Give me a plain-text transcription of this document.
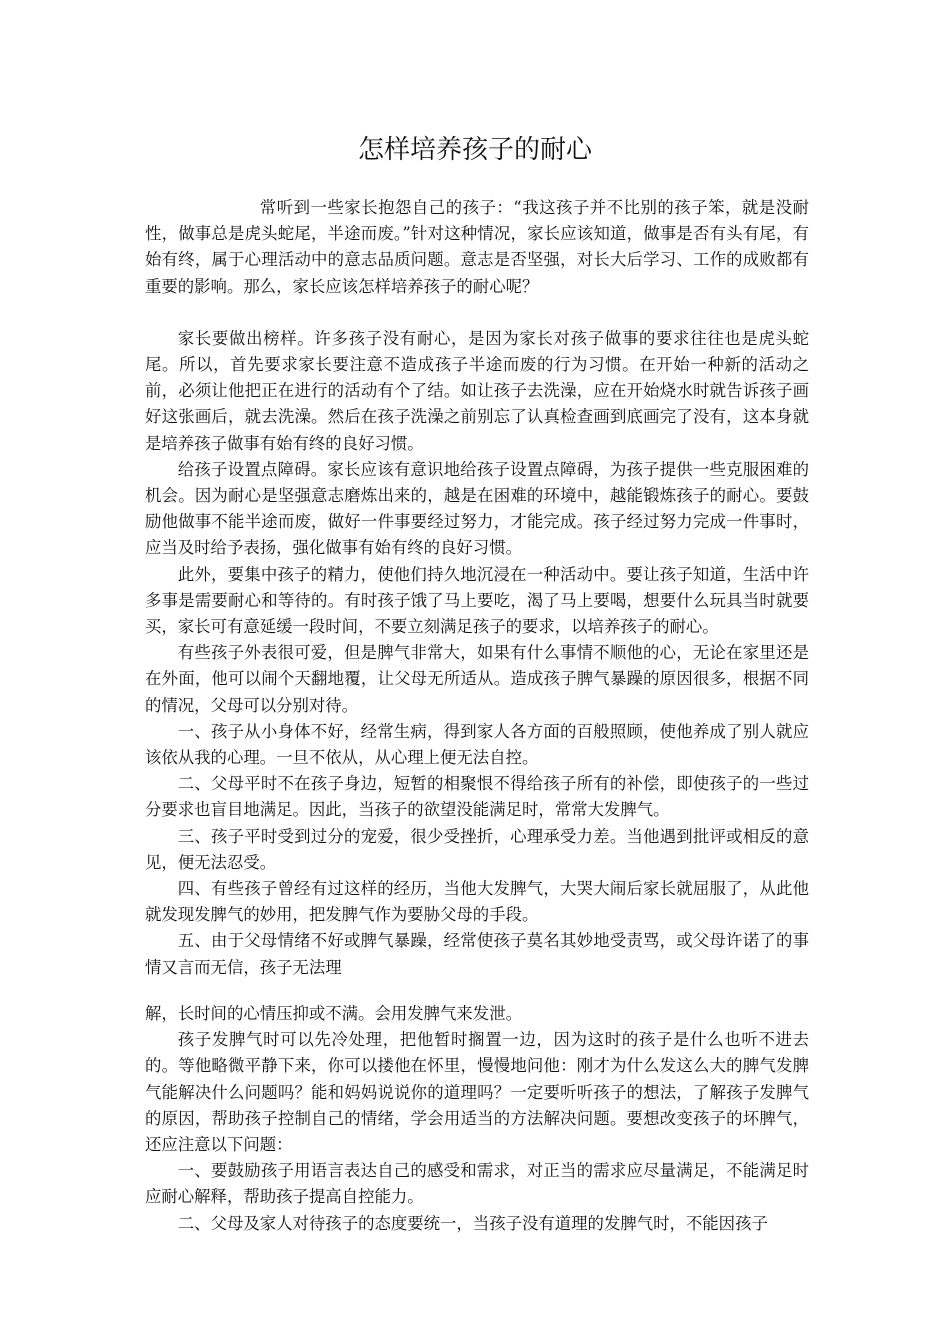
怎样培养孩子的耐心

常听到一些家长抱怨自己的孩子：“我这孩子并不比别的孩子笨，就是没耐性，做事总是虎头蛇尾，半途而废。”针对这种情况，家长应该知道，做事是否有头有尾，有始有终，属于心理活动中的意志品质问题。意志是否坚强，对长大后学习、工作的成败都有重要的影响。那么，家长应该怎样培养孩子的耐心呢？

家长要做出榜样。许多孩子没有耐心，是因为家长对孩子做事的要求往往也是虎头蛇尾。所以，首先要求家长要注意不造成孩子半途而废的行为习惯。在开始一种新的活动之前，必须让他把正在进行的活动有个了结。如让孩子去洗澡，应在开始烧水时就告诉孩子画好这张画后，就去洗澡。然后在孩子洗澡之前别忘了认真检查画到底画完了没有，这本身就是培养孩子做事有始有终的良好习惯。

给孩子设置点障碍。家长应该有意识地给孩子设置点障碍，为孩子提供一些克服困难的机会。因为耐心是坚强意志磨炼出来的，越是在困难的环境中，越能锻炼孩子的耐心。要鼓励他做事不能半途而废，做好一件事要经过努力，才能完成。孩子经过努力完成一件事时，应当及时给予表扬，强化做事有始有终的良好习惯。

此外，要集中孩子的精力，使他们持久地沉浸在一种活动中。要让孩子知道，生活中许多事是需要耐心和等待的。有时孩子饿了马上要吃，渴了马上要喝，想要什么玩具当时就要买，家长可有意延缓一段时间，不要立刻满足孩子的要求，以培养孩子的耐心。

有些孩子外表很可爱，但是脾气非常大，如果有什么事情不顺他的心，无论在家里还是在外面，他可以闹个天翻地覆，让父母无所适从。造成孩子脾气暴躁的原因很多，根据不同的情况，父母可以分别对待。

一、孩子从小身体不好，经常生病，得到家人各方面的百般照顾，使他养成了别人就应该依从我的心理。一旦不依从，从心理上便无法自控。

二、父母平时不在孩子身边，短暂的相聚恨不得给孩子所有的补偿，即使孩子的一些过分要求也盲目地满足。因此，当孩子的欲望没能满足时，常常大发脾气。

三、孩子平时受到过分的宠爱，很少受挫折，心理承受力差。当他遇到批评或相反的意见，便无法忍受。

四、有些孩子曾经有过这样的经历，当他大发脾气，大哭大闹后家长就屈服了，从此他就发现发脾气的妙用，把发脾气作为要胁父母的手段。

五、由于父母情绪不好或脾气暴躁，经常使孩子莫名其妙地受责骂，或父母许诺了的事情又言而无信，孩子无法理

解，长时间的心情压抑或不满。会用发脾气来发泄。

孩子发脾气时可以先冷处理，把他暂时搁置一边，因为这时的孩子是什么也听不进去的。等他略微平静下来，你可以搂他在怀里，慢慢地问他：刚才为什么发这么大的脾气发脾气能解决什么问题吗？能和妈妈说说你的道理吗？一定要听听孩子的想法，了解孩子发脾气的原因，帮助孩子控制自己的情绪，学会用适当的方法解决问题。要想改变孩子的坏脾气，还应注意以下问题：

一、要鼓励孩子用语言表达自己的感受和需求，对正当的需求应尽量满足，不能满足时应耐心解释，帮助孩子提高自控能力。

二、父母及家人对待孩子的态度要统一，当孩子没有道理的发脾气时，不能因孩子
